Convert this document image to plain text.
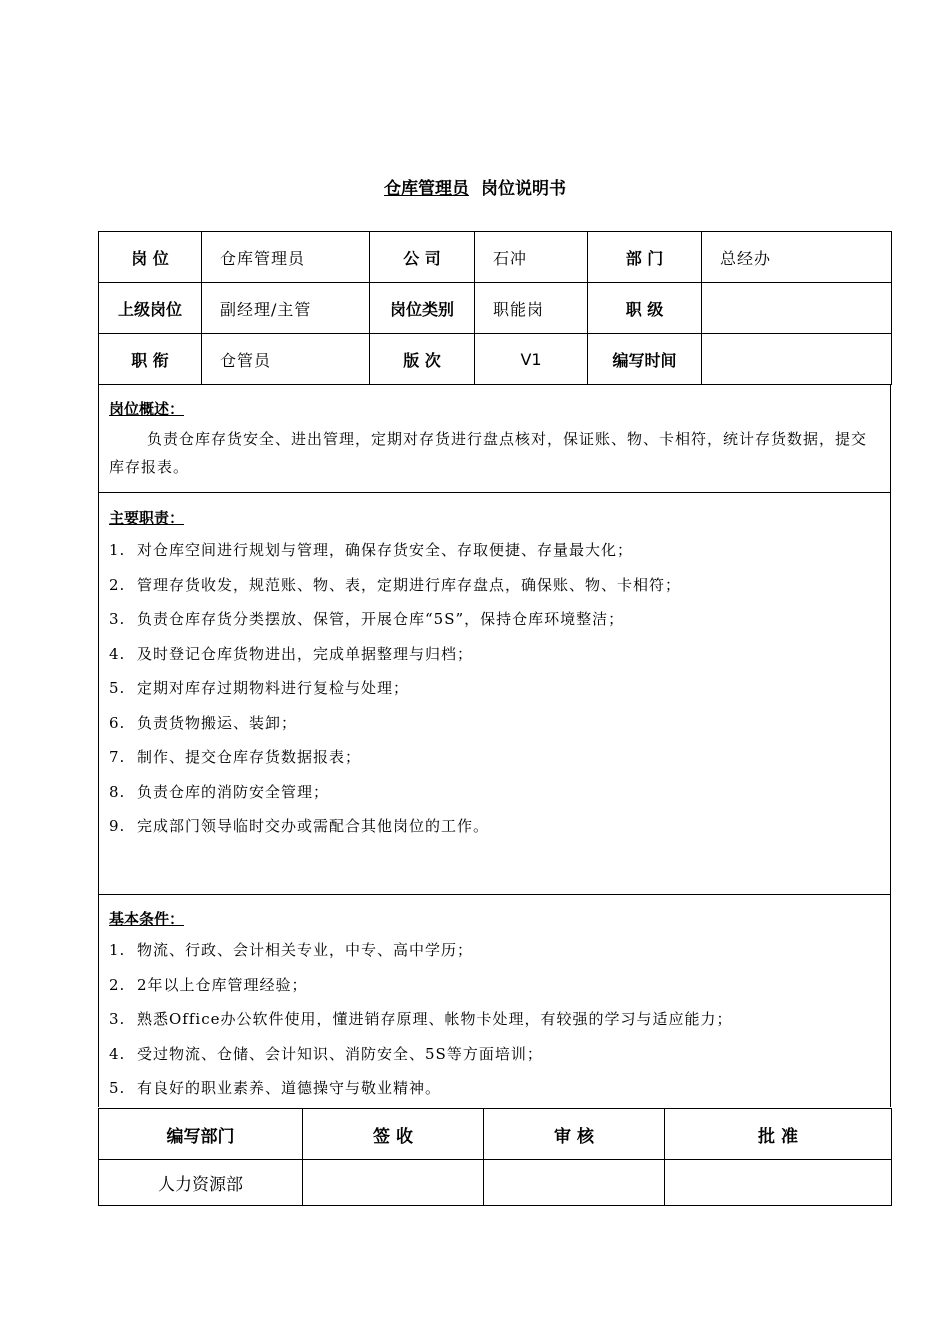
仓库管理员 岗位说明书
岗 位	仓库管理员	公 司	石冲	部 门	总经办
上级岗位	副经理/主管	岗位类别	职能岗	职 级	
职 衔	仓管员	版 次	V1	编写时间	
岗位概述：
负责仓库存货安全、进出管理，定期对存货进行盘点核对，保证账、物、卡相符，统计存货数据，提交库存报表。
主要职责：
1. 对仓库空间进行规划与管理，确保存货安全、存取便捷、存量最大化；
2. 管理存货收发，规范账、物、表，定期进行库存盘点，确保账、物、卡相符；
3. 负责仓库存货分类摆放、保管，开展仓库“5S”，保持仓库环境整洁；
4. 及时登记仓库货物进出，完成单据整理与归档；
5. 定期对库存过期物料进行复检与处理；
6. 负责货物搬运、装卸；
7. 制作、提交仓库存货数据报表；
8. 负责仓库的消防安全管理；
9. 完成部门领导临时交办或需配合其他岗位的工作。
基本条件：
1. 物流、行政、会计相关专业，中专、高中学历；
2. 2年以上仓库管理经验；
3. 熟悉Office办公软件使用，懂进销存原理、帐物卡处理，有较强的学习与适应能力；
4. 受过物流、仓储、会计知识、消防安全、5S等方面培训；
5. 有良好的职业素养、道德操守与敬业精神。
编写部门	签 收	审 核	批 准
人力资源部			
